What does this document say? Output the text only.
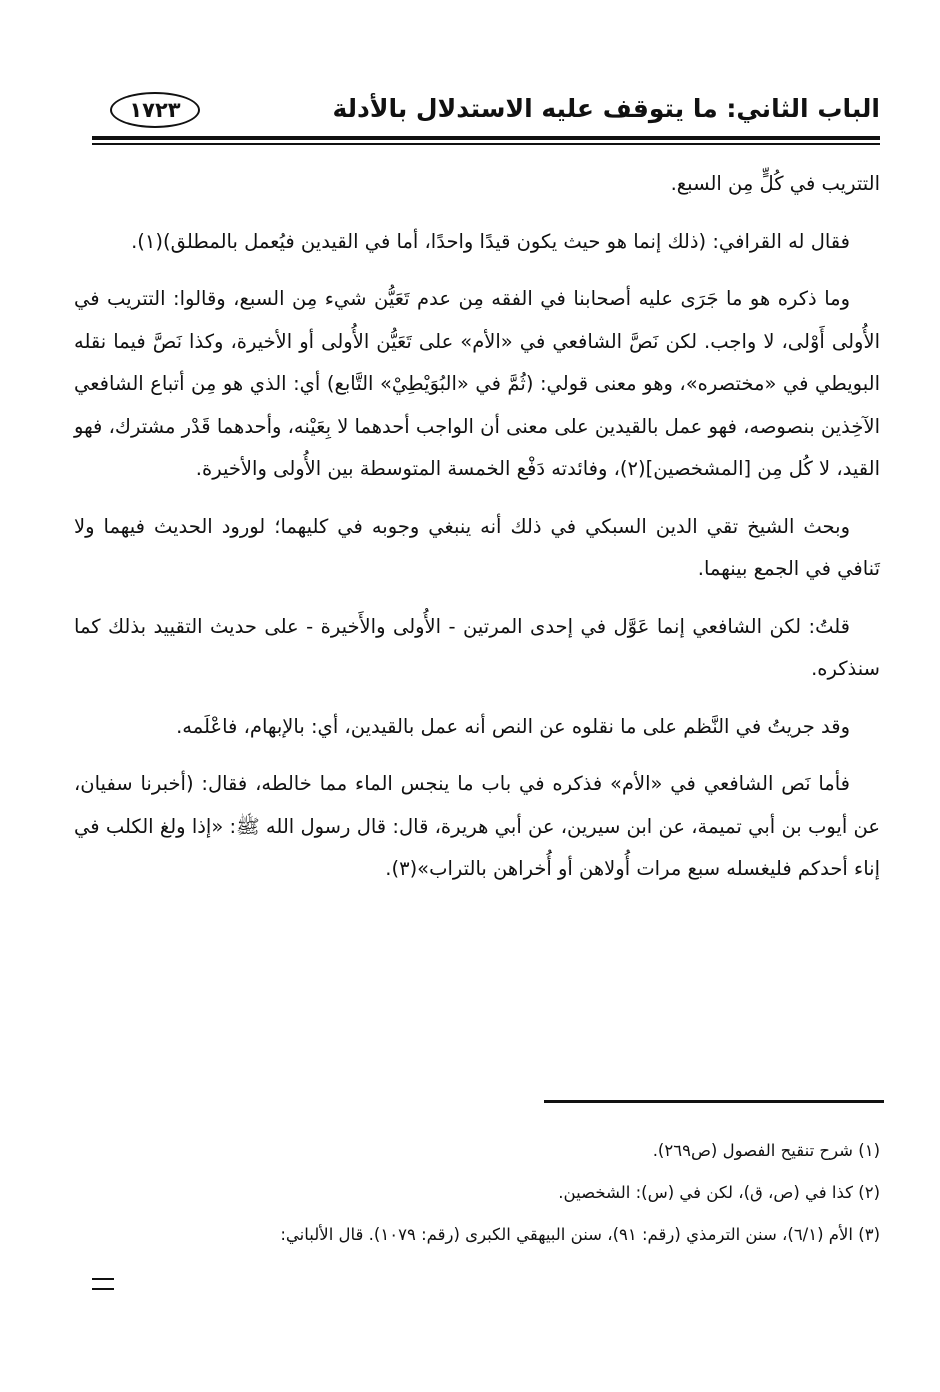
الباب الثاني: ما يتوقف عليه الاستدلال بالأدلة
١٧٢٣

التتريب في كُلٍّ مِن السبع.

فقال له القرافي: (ذلك إنما هو حيث يكون قيدًا واحدًا، أما في القيدين فيُعمل بالمطلق)(١).

وما ذكره هو ما جَرَى عليه أصحابنا في الفقه مِن عدم تَعَيُّن شيء مِن السبع، وقالوا: التتريب في الأُولى أَوْلى، لا واجب. لكن نَصَّ الشافعي في «الأم» على تَعَيُّن الأُولى أو الأخيرة، وكذا نَصَّ فيما نقله البويطي في «مختصره»، وهو معنى قولي: (ثُمَّ في «البُوَيْطِيْ» التَّابع) أي: الذي هو مِن أتباع الشافعي الآخِذين بنصوصه، فهو عمل بالقيدين على معنى أن الواجب أحدهما لا بِعَيْنه، وأحدهما قَدْر مشترك، فهو القيد، لا كُل مِن [المشخصين](٢)، وفائدته دَفْع الخمسة المتوسطة بين الأُولى والأخيرة.

وبحث الشيخ تقي الدين السبكي في ذلك أنه ينبغي وجوبه في كليهما؛ لورود الحديث فيهما ولا تَنافي في الجمع بينهما.

قلتُ: لكن الشافعي إنما عَوَّل في إحدى المرتين - الأُولى والأَخيرة - على حديث التقييد بذلك كما سنذكره.

وقد جريتُ في النَّظم على ما نقلوه عن النص أنه عمل بالقيدين، أي: بالإبهام، فاعْلَمه.

فأما نَص الشافعي في «الأم» فذكره في باب ما ينجس الماء مما خالطه، فقال: (أخبرنا سفيان، عن أيوب بن أبي تميمة، عن ابن سيرين، عن أبي هريرة، قال: قال رسول الله ﷺ: «إذا ولغ الكلب في إناء أحدكم فليغسله سبع مرات أُولاهن أو أُخراهن بالتراب»(٣).

(١) شرح تنقيح الفصول (ص٢٦٩).
(٢) كذا في (ص، ق)، لكن في (س): الشخصين.
(٣) الأم (٦/١)، سنن الترمذي (رقم: ٩١)، سنن البيهقي الكبرى (رقم: ١٠٧٩). قال الألباني:
